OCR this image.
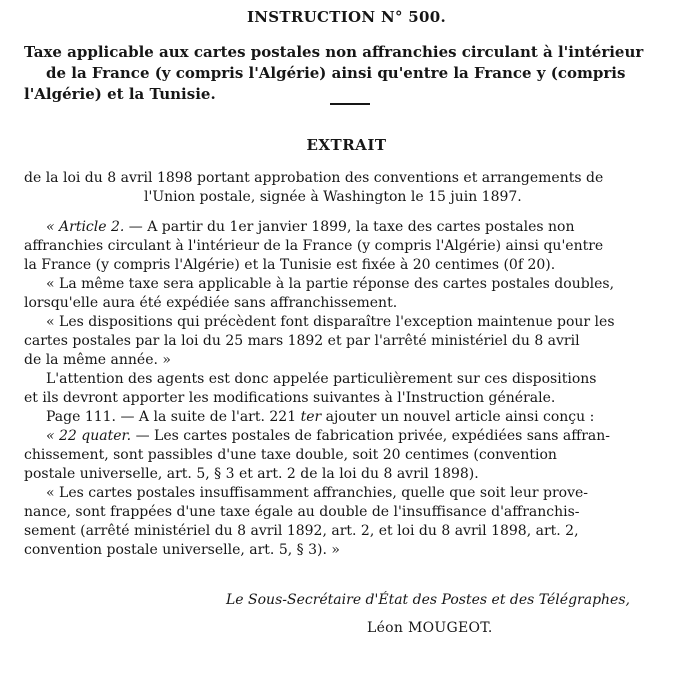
INSTRUCTION N° 500.
Taxe applicable aux cartes postales non affranchies circulant à l'intérieur
de la France (y compris l'Algérie) ainsi qu'entre la France y (compris
l'Algérie) et la Tunisie.
EXTRAIT
de la loi du 8 avril 1898 portant approbation des conventions et arrangements de
l'Union postale, signée à Washington le 15 juin 1897.
« Article 2. — A partir du 1er janvier 1899, la taxe des cartes postales non
affranchies circulant à l'intérieur de la France (y compris l'Algérie) ainsi qu'entre
la France (y compris l'Algérie) et la Tunisie est fixée à 20 centimes (0f 20).
« La même taxe sera applicable à la partie réponse des cartes postales doubles,
lorsqu'elle aura été expédiée sans affranchissement.
« Les dispositions qui précèdent font disparaître l'exception maintenue pour les
cartes postales par la loi du 25 mars 1892 et par l'arrêté ministériel du 8 avril
de la même année. »
L'attention des agents est donc appelée particulièrement sur ces dispositions
et ils devront apporter les modifications suivantes à l'Instruction générale.
Page 111. — A la suite de l'art. 221 ter ajouter un nouvel article ainsi conçu :
« 22 quater. — Les cartes postales de fabrication privée, expédiées sans affran-
chissement, sont passibles d'une taxe double, soit 20 centimes (convention
postale universelle, art. 5, § 3 et art. 2 de la loi du 8 avril 1898).
« Les cartes postales insuffisamment affranchies, quelle que soit leur prove-
nance, sont frappées d'une taxe égale au double de l'insuffisance d'affranchis-
sement (arrêté ministériel du 8 avril 1892, art. 2, et loi du 8 avril 1898, art. 2,
convention postale universelle, art. 5, § 3). »
Le Sous-Secrétaire d'État des Postes et des Télégraphes,
Léon MOUGEOT.
